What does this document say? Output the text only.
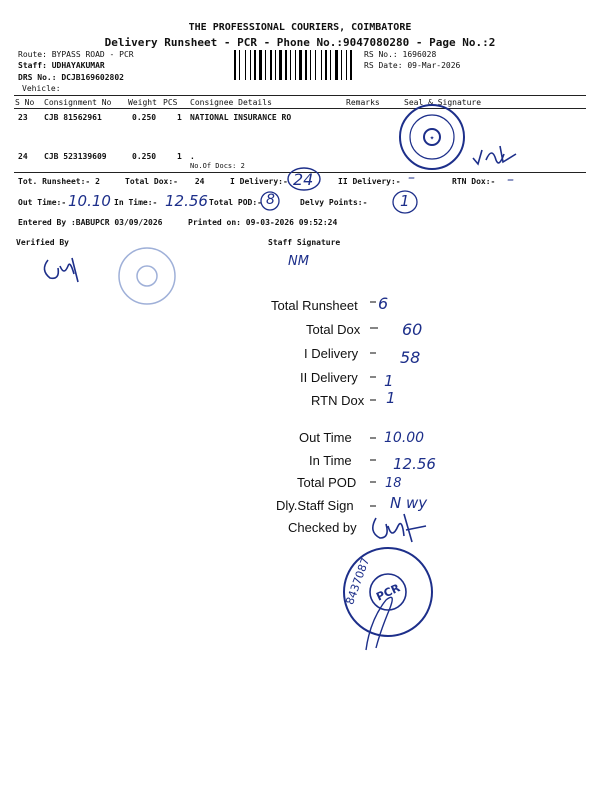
THE PROFESSIONAL COURIERS, COIMBATORE
Delivery Runsheet - PCR - Phone No.:9047080280 - Page No.:2
Route: BYPASS ROAD - PCR
Staff: UDHAYAKUMAR
DRS No.: DCJB169602802
Vehicle:
RS No.: 1696028
RS Date: 09-Mar-2026
S No Consignment No Weight PCS Consignee Details	Remarks	Seal & Signature
23 CJB 81562961	0.250	1 NATIONAL INSURANCE RO
24 CJB 523139609	0.250	1 .
No.Of Docs: 2
✦
Tot. Runsheet:- 2	Total Dox:- 24	I Delivery:- 24	II Delivery:- –	RTN Dox:- –
Out Time:- 10.10 In Time:- 12.56 Total POD:- 8	Delvy Points:- 1
Entered By :BABUPCR 03/09/2026	Printed on: 09-03-2026 09:52:24
Verified By	Staff Signature
NM
Total Runsheet 6
Total Dox	60
I Delivery	58
II Delivery 1
RTN Dox 1
Out Time 10.00
In Time	12.56
Total POD 18
Dly.Staff Sign N wy
Checked by
PCR
8437087
